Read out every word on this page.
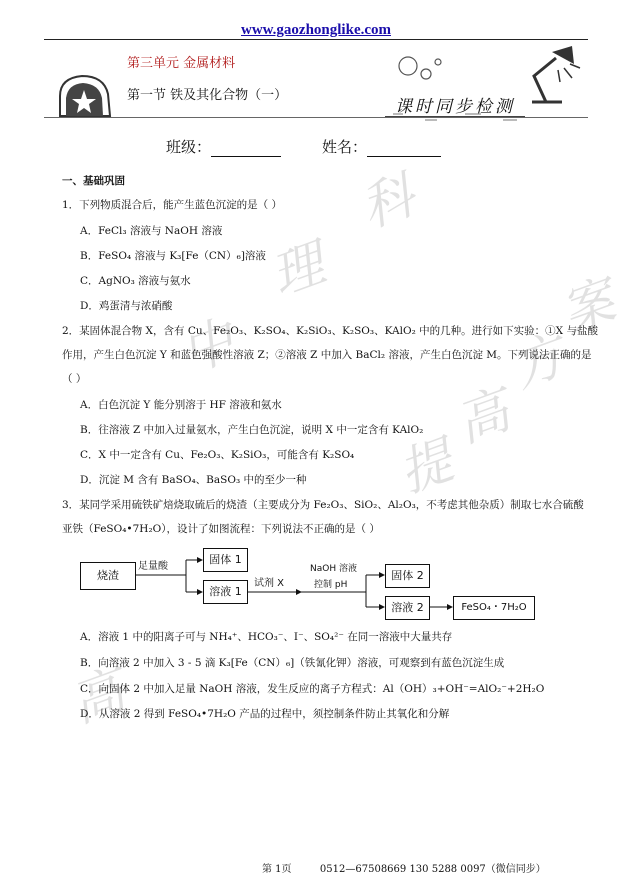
高
中
理
科
提
高
方
案
www.gaozhonglike.com
第三单元 金属材料
第一节 铁及其化合物（一）
课时同步检测
班级：	姓名：
一、基础巩固
1．下列物质混合后，能产生蓝色沉淀的是（ ）
A．FeCl₃ 溶液与 NaOH 溶液
B．FeSO₄ 溶液与 K₃[Fe（CN）₆]溶液
C．AgNO₃ 溶液与氨水
D．鸡蛋清与浓硝酸
2．某固体混合物 X，含有 Cu、Fe₂O₃、K₂SO₄、K₂SiO₃、K₂SO₃、KAlO₂ 中的几种。进行如下实验：①X 与盐酸
作用，产生白色沉淀 Y 和蓝色强酸性溶液 Z；②溶液 Z 中加入 BaCl₂ 溶液，产生白色沉淀 M。下列说法正确的是
（ ）
A．白色沉淀 Y 能分别溶于 HF 溶液和氨水
B．往溶液 Z 中加入过量氨水，产生白色沉淀，说明 X 中一定含有 KAlO₂
C．X 中一定含有 Cu、Fe₂O₃、K₂SiO₃，可能含有 K₂SO₄
D．沉淀 M 含有 BaSO₄、BaSO₃ 中的至少一种
3．某同学采用硫铁矿焙烧取硫后的烧渣（主要成分为 Fe₂O₃、SiO₂、Al₂O₃，不考虑其他杂质）制取七水合硫酸
亚铁（FeSO₄•7H₂O），设计了如图流程：下列说法不正确的是（ ）
烧渣
足量酸
固体 1
溶液 1
试剂 X
NaOH 溶液
控制 pH
固体 2
溶液 2	FeSO₄・7H₂O
A．溶液 1 中的阳离子可与 NH₄⁺、HCO₃⁻、I⁻、SO₄²⁻ 在同一溶液中大量共存
B．向溶液 2 中加入 3 - 5 滴 K₃[Fe（CN）₆]（铁氰化钾）溶液，可观察到有蓝色沉淀生成
C．向固体 2 中加入足量 NaOH 溶液，发生反应的离子方程式：Al（OH）₃+OH⁻=AlO₂⁻+2H₂O
D．从溶液 2 得到 FeSO₄•7H₂O 产品的过程中，须控制条件防止其氧化和分解
第 1页	0512—67508669 130 5288 0097（微信同步）
